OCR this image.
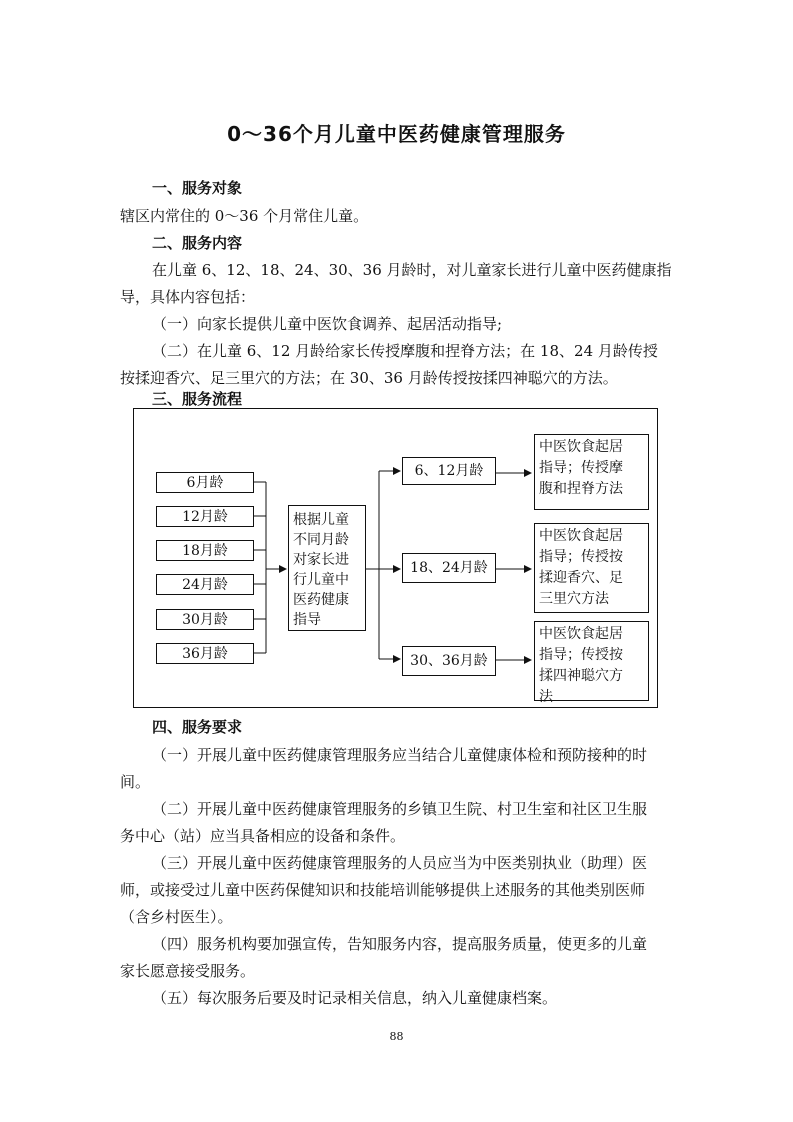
0～36个月儿童中医药健康管理服务
一、服务对象
辖区内常住的 0～36 个月常住儿童。
二、服务内容
在儿童 6、12、18、24、30、36 月龄时，对儿童家长进行儿童中医药健康指
导，具体内容包括：
（一）向家长提供儿童中医饮食调养、起居活动指导;
（二）在儿童 6、12 月龄给家长传授摩腹和捏脊方法；在 18、24 月龄传授
按揉迎香穴、足三里穴的方法；在 30、36 月龄传授按揉四神聪穴的方法。
三、服务流程
6月龄
12月龄
18月龄
24月龄
30月龄
36月龄
根据儿童
不同月龄
对家长进
行儿童中
医药健康
指导
6、12月龄
18、24月龄
30、36月龄
中医饮食起居
指导；传授摩
腹和捏脊方法
中医饮食起居
指导；传授按
揉迎香穴、足
三里穴方法
中医饮食起居
指导；传授按
揉四神聪穴方
法
四、服务要求
（一）开展儿童中医药健康管理服务应当结合儿童健康体检和预防接种的时
间。
（二）开展儿童中医药健康管理服务的乡镇卫生院、村卫生室和社区卫生服
务中心（站）应当具备相应的设备和条件。
（三）开展儿童中医药健康管理服务的人员应当为中医类别执业（助理）医
师，或接受过儿童中医药保健知识和技能培训能够提供上述服务的其他类别医师
（含乡村医生）。
（四）服务机构要加强宣传，告知服务内容，提高服务质量，使更多的儿童
家长愿意接受服务。
（五）每次服务后要及时记录相关信息，纳入儿童健康档案。
88
